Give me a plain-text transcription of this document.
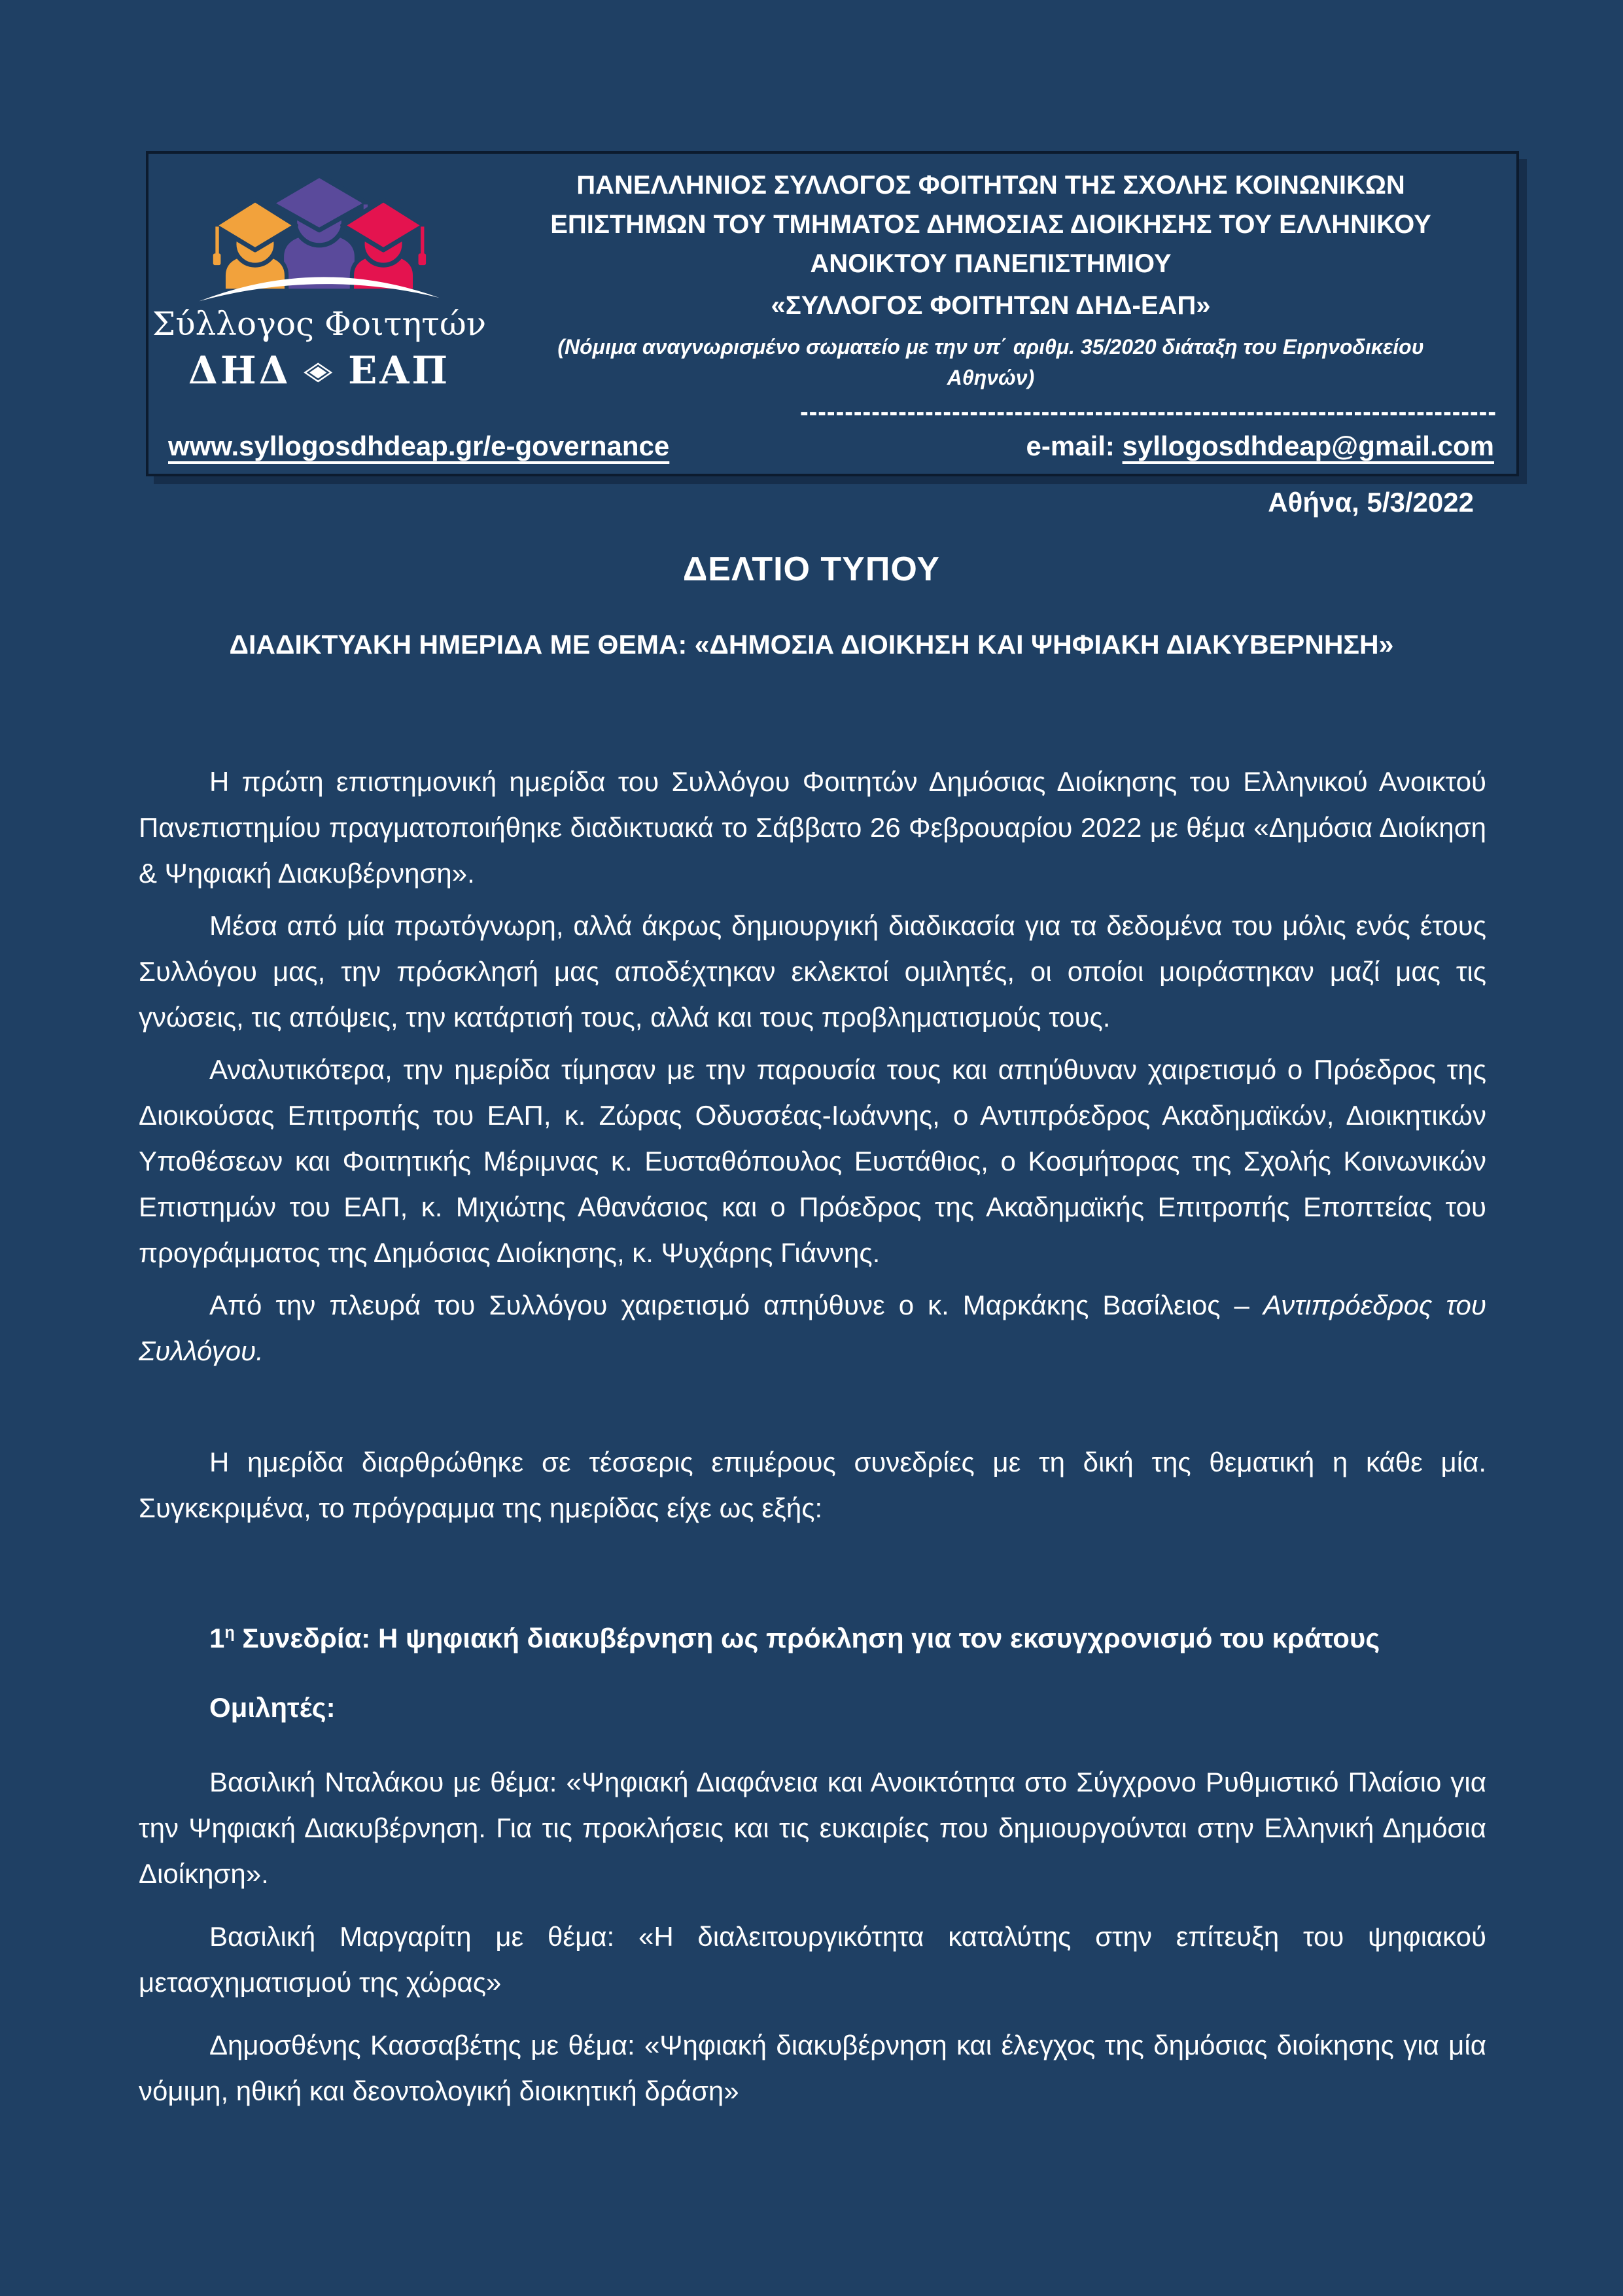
Σύλλογος Φοιτητών
ΔΗΔ ◈ ΕΑΠ
ΠΑΝΕΛΛΗΝΙΟΣ ΣΥΛΛΟΓΟΣ ΦΟΙΤΗΤΩΝ ΤΗΣ ΣΧΟΛΗΣ ΚΟΙΝΩΝΙΚΩΝ
ΕΠΙΣΤΗΜΩΝ ΤΟΥ ΤΜΗΜΑΤΟΣ ΔΗΜΟΣΙΑΣ ΔΙΟΙΚΗΣΗΣ ΤΟΥ ΕΛΛΗΝΙΚΟΥ
ΑΝΟΙΚΤΟΥ ΠΑΝΕΠΙΣΤΗΜΙΟΥ
«ΣΥΛΛΟΓΟΣ ΦΟΙΤΗΤΩΝ ΔΗΔ-ΕΑΠ»
(Νόμιμα αναγνωρισμένο σωματείο με την υπ΄ αριθμ. 35/2020 διάταξη του Ειρηνοδικείου Αθηνών)
------------------------------------------------------------------------------
www.syllogosdhdeap.gr/e-governance	e-mail: syllogosdhdeap@gmail.com
Αθήνα, 5/3/2022
ΔΕΛΤΙΟ ΤΥΠΟΥ
ΔΙΑΔΙΚΤΥΑΚΗ ΗΜΕΡΙΔΑ ΜΕ ΘΕΜΑ: «ΔΗΜΟΣΙΑ ΔΙΟΙΚΗΣΗ ΚΑΙ ΨΗΦΙΑΚΗ ΔΙΑΚΥΒΕΡΝΗΣΗ»

Η πρώτη επιστημονική ημερίδα του Συλλόγου Φοιτητών Δημόσιας Διοίκησης του Ελληνικού Ανοικτού Πανεπιστημίου πραγματοποιήθηκε διαδικτυακά το Σάββατο 26 Φεβρουαρίου 2022 με θέμα «Δημόσια Διοίκηση & Ψηφιακή Διακυβέρνηση».

Μέσα από μία πρωτόγνωρη, αλλά άκρως δημιουργική διαδικασία για τα δεδομένα του μόλις ενός έτους Συλλόγου μας, την πρόσκλησή μας αποδέχτηκαν εκλεκτοί ομιλητές, οι οποίοι μοιράστηκαν μαζί μας τις γνώσεις, τις απόψεις, την κατάρτισή τους, αλλά και τους προβληματισμούς τους.

Αναλυτικότερα, την ημερίδα τίμησαν με την παρουσία τους και απηύθυναν χαιρετισμό ο Πρόεδρος της Διοικούσας Επιτροπής του ΕΑΠ, κ. Ζώρας Οδυσσέας-Ιωάννης, ο Αντιπρόεδρος Ακαδημαϊκών, Διοικητικών Υποθέσεων και Φοιτητικής Μέριμνας κ. Ευσταθόπουλος Ευστάθιος, ο Κοσμήτορας της Σχολής Κοινωνικών Επιστημών του ΕΑΠ, κ. Μιχιώτης Αθανάσιος και ο Πρόεδρος της Ακαδημαϊκής Επιτροπής Εποπτείας του προγράμματος της Δημόσιας Διοίκησης, κ. Ψυχάρης Γιάννης.

Από την πλευρά του Συλλόγου χαιρετισμό απηύθυνε ο κ. Μαρκάκης Βασίλειος – Αντιπρόεδρος του Συλλόγου.

Η ημερίδα διαρθρώθηκε σε τέσσερις επιμέρους συνεδρίες με τη δική της θεματική η κάθε μία. Συγκεκριμένα, το πρόγραμμα της ημερίδας είχε ως εξής:

$1^\eta$ Συνεδρία: Η ψηφιακή διακυβέρνηση ως πρόκληση για τον εκσυγχρονισμό του κράτους
Ομιλητές:

Βασιλική Νταλάκου με θέμα: «Ψηφιακή Διαφάνεια και Ανοικτότητα στο Σύγχρονο Ρυθμιστικό Πλαίσιο για την Ψηφιακή Διακυβέρνηση. Για τις προκλήσεις και τις ευκαιρίες που δημιουργούνται στην Ελληνική Δημόσια Διοίκηση».

Βασιλική Μαργαρίτη με θέμα: «Η διαλειτουργικότητα καταλύτης στην επίτευξη του ψηφιακού μετασχηματισμού της χώρας»

Δημοσθένης Κασσαβέτης με θέμα: «Ψηφιακή διακυβέρνηση και έλεγχος της δημόσιας διοίκησης για μία νόμιμη, ηθική και δεοντολογική διοικητική δράση»
